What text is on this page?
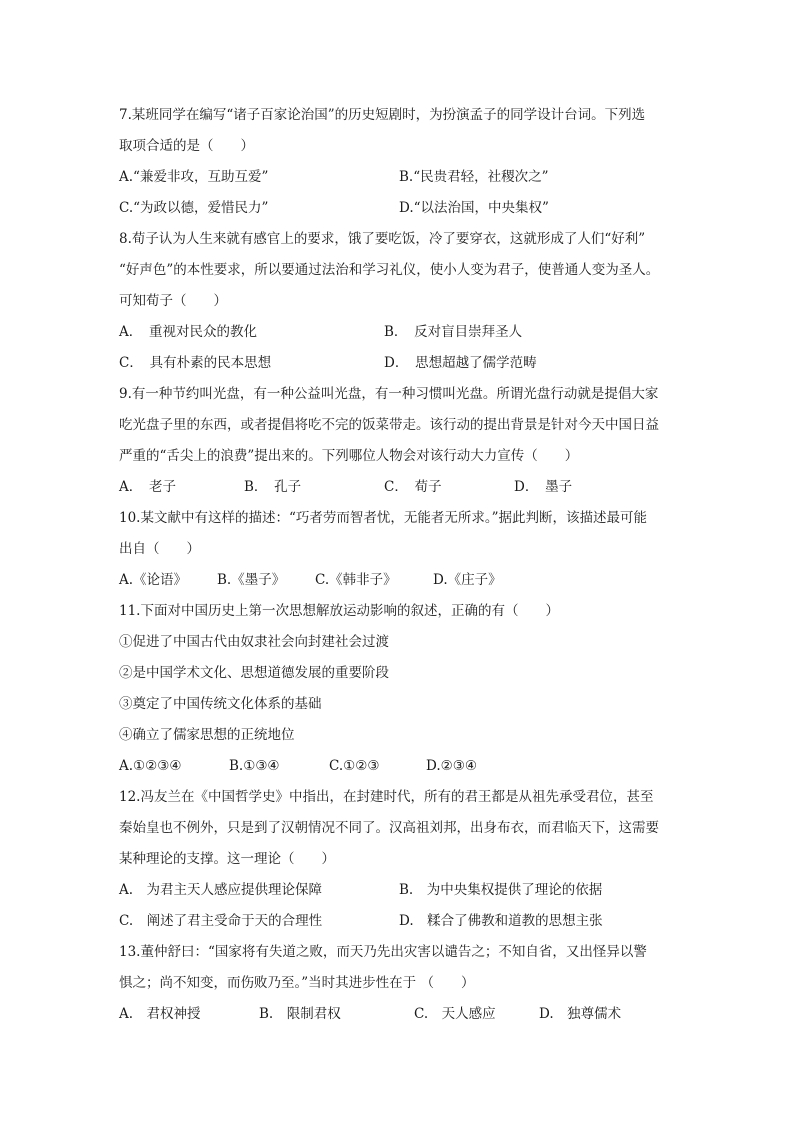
7.某班同学在编写“诸子百家论治国”的历史短剧时，为扮演孟子的同学设计台词。下列选
取项合适的是（　　）
A.“兼爱非攻，互助互爱”	B.“民贵君轻，社稷次之”
C.“为政以德，爱惜民力”	D.“以法治国，中央集权”
8.荀子认为人生来就有感官上的要求，饿了要吃饭，冷了要穿衣，这就形成了人们“好利”
“好声色”的本性要求，所以要通过法治和学习礼仪，使小人变为君子，使普通人变为圣人。
可知荀子（　　）
A．　重视对民众的教化	B．　反对盲目崇拜圣人
C．　具有朴素的民本思想	D．　思想超越了儒学范畴
9.有一种节约叫光盘，有一种公益叫光盘，有一种习惯叫光盘。所谓光盘行动就是提倡大家
吃光盘子里的东西，或者提倡将吃不完的饭菜带走。该行动的提出背景是针对今天中国日益
严重的“舌尖上的浪费”提出来的。下列哪位人物会对该行动大力宣传（　　）
A．　老子	B．　孔子	C．　荀子	D．　墨子
10.某文献中有这样的描述：“巧者劳而智者忧，无能者无所求。”据此判断，该描述最可能
出自（　　）
A.《论语》	B.《墨子》	C.《韩非子》	D.《庄子》
11.下面对中国历史上第一次思想解放运动影响的叙述，正确的有（　　）
①促进了中国古代由奴隶社会向封建社会过渡
②是中国学术文化、思想道德发展的重要阶段
③奠定了中国传统文化体系的基础
④确立了儒家思想的正统地位
A.①②③④	B.①③④	C.①②③	D.②③④
12.冯友兰在《中国哲学史》中指出，在封建时代，所有的君王都是从祖先承受君位，甚至
秦始皇也不例外，只是到了汉朝情况不同了。汉高祖刘邦，出身布衣，而君临天下，这需要
某种理论的支撑。这一理论（　　）
A.　为君主天人感应提供理论保障	B.　为中央集权提供了理论的依据
C.　阐述了君主受命于天的合理性	D.　糅合了佛教和道教的思想主张
13.董仲舒曰：“国家将有失道之败，而天乃先出灾害以谴告之；不知自省，又出怪异以警
惧之；尚不知变，而伤败乃至。”当时其进步性在于 （　　）
A.　君权神授	B.　限制君权	C.　天人感应	D.　独尊儒术
